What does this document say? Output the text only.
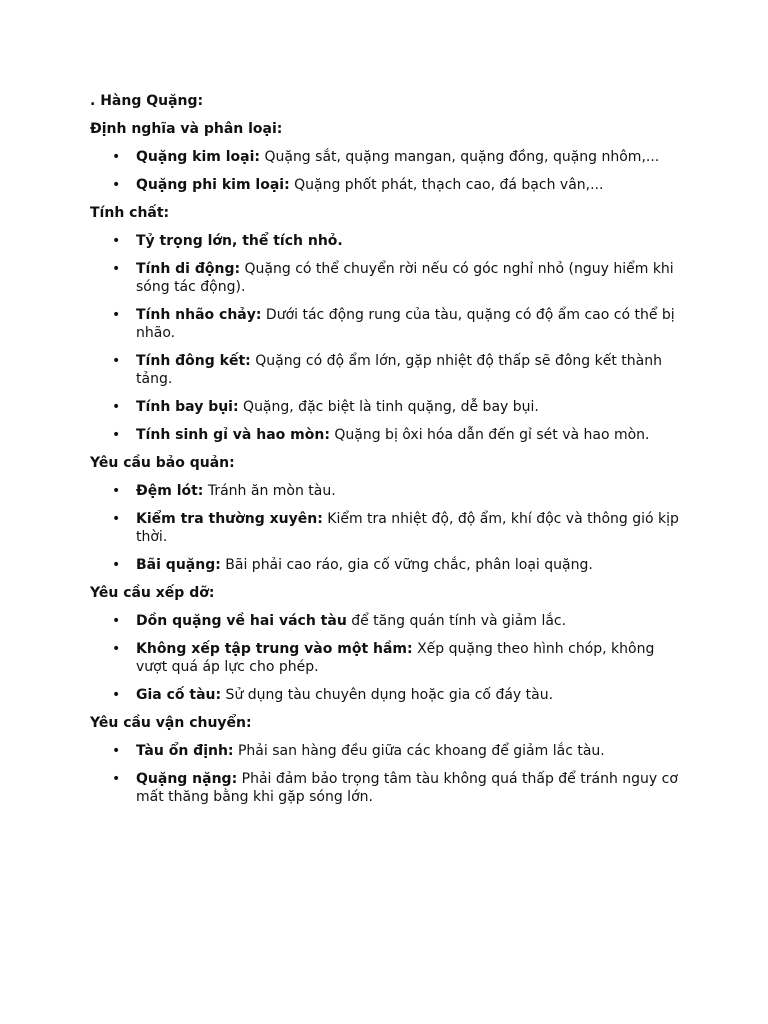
. Hàng Quặng:
Định nghĩa và phân loại:
• Quặng kim loại: Quặng sắt, quặng mangan, quặng đồng, quặng nhôm,...
• Quặng phi kim loại: Quặng phốt phát, thạch cao, đá bạch vân,...
Tính chất:
• Tỷ trọng lớn, thể tích nhỏ.
• Tính di động: Quặng có thể chuyển rời nếu có góc nghỉ nhỏ (nguy hiểm khi sóng tác động).
• Tính nhão chảy: Dưới tác động rung của tàu, quặng có độ ẩm cao có thể bị nhão.
• Tính đông kết: Quặng có độ ẩm lớn, gặp nhiệt độ thấp sẽ đông kết thành tảng.
• Tính bay bụi: Quặng, đặc biệt là tinh quặng, dễ bay bụi.
• Tính sinh gỉ và hao mòn: Quặng bị ôxi hóa dẫn đến gỉ sét và hao mòn.
Yêu cầu bảo quản:
• Đệm lót: Tránh ăn mòn tàu.
• Kiểm tra thường xuyên: Kiểm tra nhiệt độ, độ ẩm, khí độc và thông gió kịp thời.
• Bãi quặng: Bãi phải cao ráo, gia cố vững chắc, phân loại quặng.
Yêu cầu xếp dỡ:
• Dồn quặng về hai vách tàu để tăng quán tính và giảm lắc.
• Không xếp tập trung vào một hầm: Xếp quặng theo hình chóp, không vượt quá áp lực cho phép.
• Gia cố tàu: Sử dụng tàu chuyên dụng hoặc gia cố đáy tàu.
Yêu cầu vận chuyển:
• Tàu ổn định: Phải san hàng đều giữa các khoang để giảm lắc tàu.
• Quặng nặng: Phải đảm bảo trọng tâm tàu không quá thấp để tránh nguy cơ mất thăng bằng khi gặp sóng lớn.
